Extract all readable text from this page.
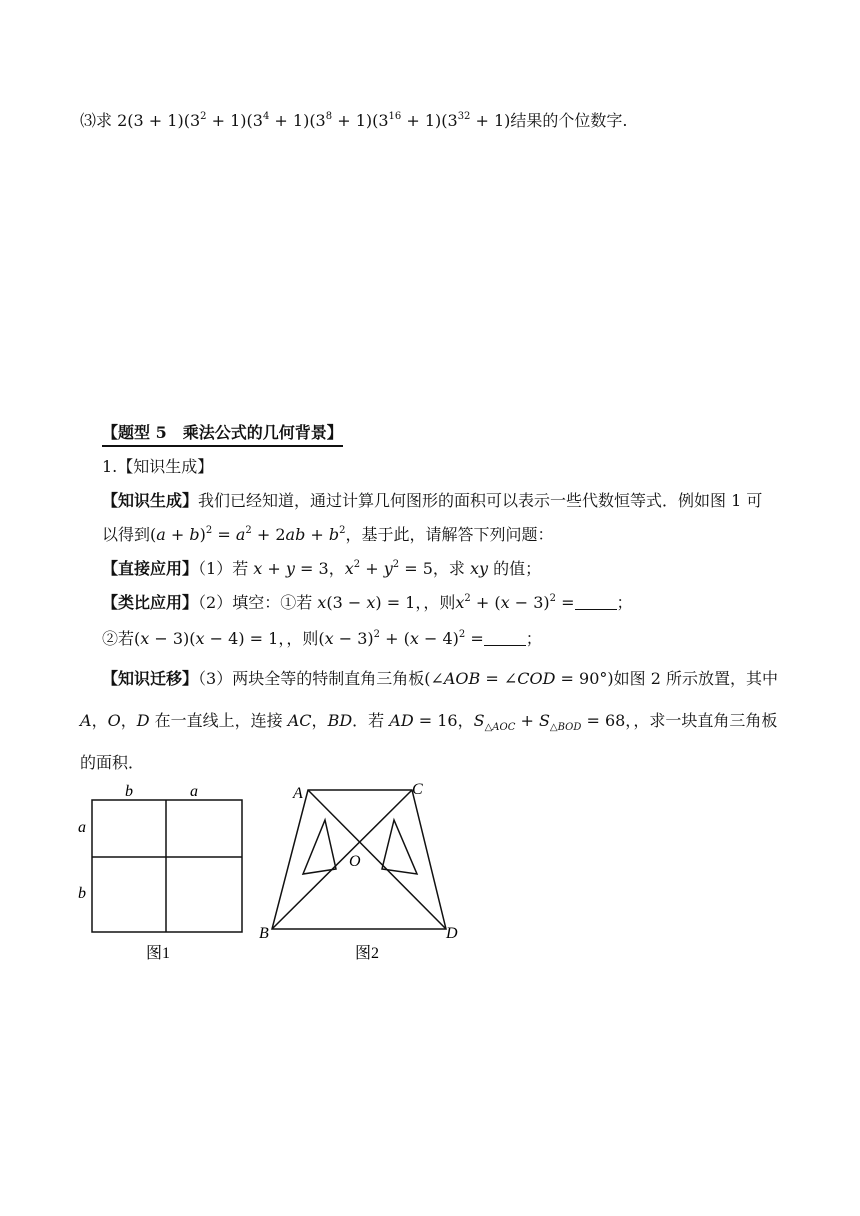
⑶求 $2(3 + 1)(3^2 + 1)(3^4 + 1)(3^8 + 1)(3^{16} + 1)(3^{32} + 1)$结果的个位数字.
【题型 5　乘法公式的几何背景】
1.【知识生成】
【知识生成】我们已经知道，通过计算几何图形的面积可以表示一些代数恒等式．例如图 1 可
以得到$(a + b)^2 = a^2 + 2ab + b^2$，基于此，请解答下列问题：
【直接应用】（1）若 x + y = 3，$x^2 + y^2 = 5$，求 xy 的值；
【类比应用】（2）填空：①若 x(3 − x) = 1，，则$x^2 + (x - 3)^2$ =	；
②若(x − 3)(x − 4) = 1，，则$(x - 3)^2 + (x - 4)^2$ =	；
【知识迁移】（3）两块全等的特制直角三角板(∠AOB = ∠COD = 90°)如图 2 所示放置，其中
A，O，D 在一直线上，连接 AC，BD．若 AD = 16，$S_{\triangle AOC} + S_{\triangle BOD} = 68$，，求一块直角三角板
的面积．
b	a
a
b
图1
A	C
O
B	D
图2
